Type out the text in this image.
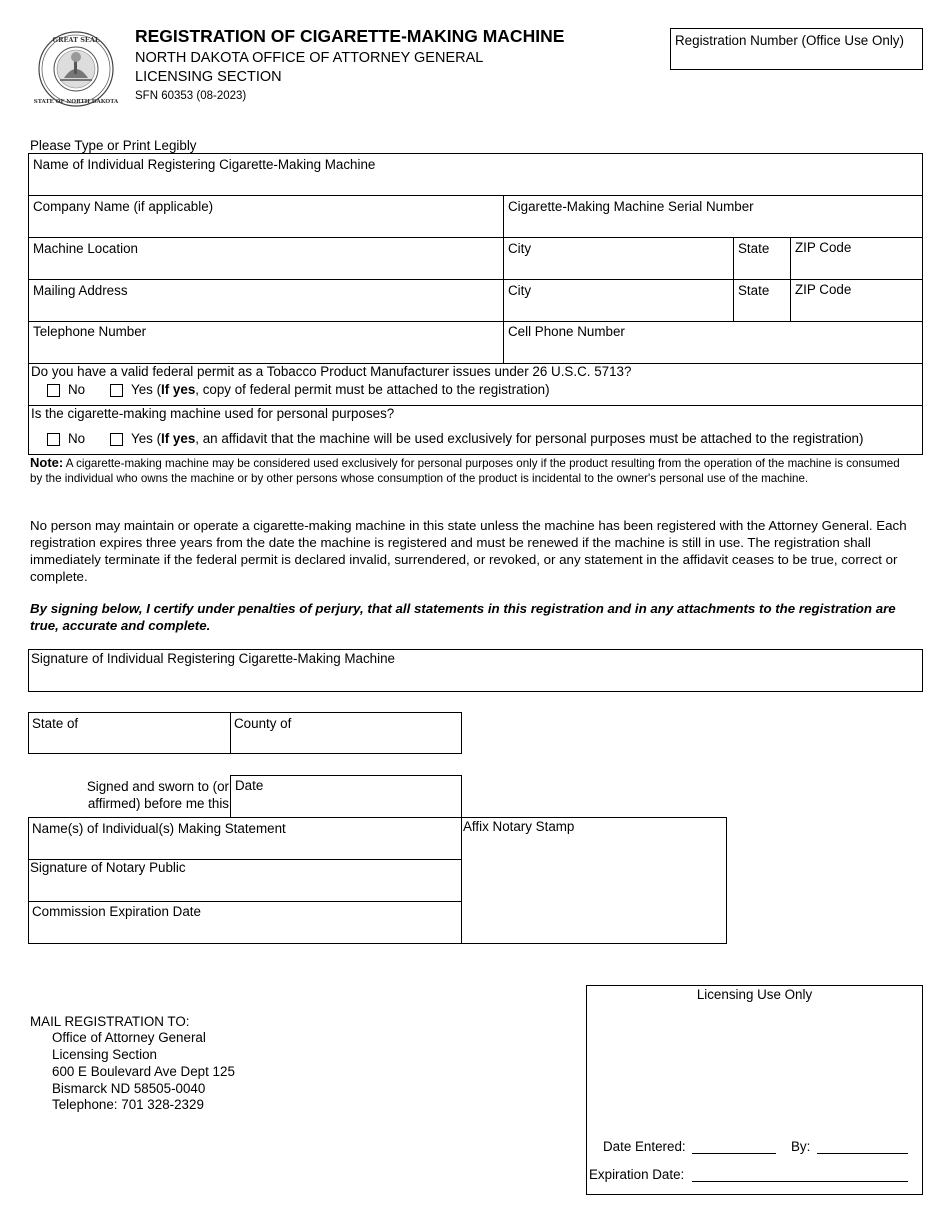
GREAT SEAL
STATE OF NORTH DAKOTA
REGISTRATION OF CIGARETTE-MAKING MACHINE
NORTH DAKOTA OFFICE OF ATTORNEY GENERAL
LICENSING SECTION
SFN 60353 (08-2023)
Registration Number (Office Use Only)
Please Type or Print Legibly
Name of Individual Registering Cigarette-Making Machine
Company Name (if applicable)	Cigarette-Making Machine Serial Number
Machine Location	City	State ZIP Code
Mailing Address	City	State ZIP Code
Telephone Number	Cell Phone Number
Do you have a valid federal permit as a Tobacco Product Manufacturer issues under 26 U.S.C. 5713?
No	Yes (If yes, copy of federal permit must be attached to the registration)
Is the cigarette-making machine used for personal purposes?
No	Yes (If yes, an affidavit that the machine will be used exclusively for personal purposes must be attached to the registration)
Note: A cigarette-making machine may be considered used exclusively for personal purposes only if the product resulting from the operation of the machine is consumed by the individual who owns the machine or by other persons whose consumption of the product is incidental to the owner's personal use of the machine.
No person may maintain or operate a cigarette-making machine in this state unless the machine has been registered with the Attorney General. Each registration expires three years from the date the machine is registered and must be renewed if the machine is still in use. The registration shall immediately terminate if the federal permit is declared invalid, surrendered, or revoked, or any statement in the affidavit ceases to be true, correct or complete.
By signing below, I certify under penalties of perjury, that all statements in this registration and in any attachments to the registration are true, accurate and complete.
Signature of Individual Registering Cigarette-Making Machine
State of	County of
Signed and sworn to (or
affirmed) before me this
Date
Name(s) of Individual(s) Making Statement
Signature of Notary Public
Commission Expiration Date
Affix Notary Stamp
MAIL REGISTRATION TO:
Office of Attorney General
Licensing Section
600 E Boulevard Ave Dept 125
Bismarck ND 58505-0040
Telephone: 701 328-2329
Licensing Use Only
Date Entered:	By:
Expiration Date:
